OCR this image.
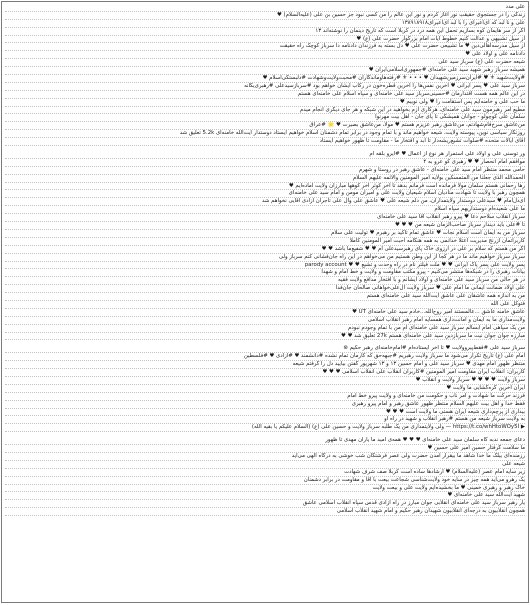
علی مدد
زندگی را در جستجوی حقیقتِ نور آغاز کردم و نور این عالم را من کسی نبود جز حسین بن علی (علیه‌السلام) ♥
علی و نا لبد که ای‌اعیرای را با لبد ای‌اعیرای۱۳۸۹۱۸۹۱۸
اگر از سر هایمان کوه بسازیم تحمل این همه درد در کربلا است که تاریخ دینمان را نوشته‌اند ۱۳
از سیل تشبیهی و عدالت کنیم خطوط آیات امام بزرگوار حضرت علی (ع) ♥
از سیل مدرسه‌اهالی‌دین ♥ ما تشییعی حضرت علی ♥ دل بسته به فرزندان ‌دادنامه دا سرباز کوچک راه حقیقت
دادنامه علی و اولاد علی ♥
شیعه حضرت علی (ع) سرباز سید علی
همیشه سرباز رهبر شهید سید علی خامنه‌ای #جمهوری‌اسلامی‌ایران ♥
#ولایت‌شهید ⚜ ♥ #ایران‌سرزمین‌شهیدان ♥ • • • ⚜ #رفته‌ها‌و‌ماندگاران #محبت‌ولایت‌و‌شهادت #دلبستگی‌اسلام ♥
سرباز سید علی ♥ پسر ایرانی ♥ آخرین نفس‌ها را آخرین قطره‌خون در رکاب ایشان خواهم بود #سرباز‌سیدعلی #رهبری‌یگانه
در این عالم همه هست اقتدار‌مان #حسینی‌سرباز سید علی خامنه‌ای و سپاه اسلام علی خامنه‌ای هستم
ما حب علی و خامنه‌ایم پس استقامت را ♥ ولی نوبیم ♥
مطیع امر رهبرمون سید علی خامنه‌ای، هرکاری ازم بخواهید در این شبکه و هر جای دیگری انجام میدم
سلمان علی کوچولو - جوانان همیشگی تا پای جان - اهل بیت ‌مهرنوا
من‌عاشق سرخ‌فام‌شهادتم، من‌عاشق رهبر عزیزم هستم ♥ مولا، من‌عاشق بصیرت‌ ♥ 🌟 #عراق
روزنگار سیاسی نوین، پیوسته ولایت، شیعه خواهیم ماند و با تمام وجود در برابر تمام دشمنان اسلام خواهیم ایستاد دوستدار آیت‌الله خامنه‌ای 5.2k تعلیق شد
آقای ایالات متحده #صلوات تشیع‌ریشه‌دار تا ابد و افتخار ما - مقاومت تا ظهور خواهیم ایستاد
ور توسنی علی و اولاد علی استمرار هر نوع از اعمال ♥ #آیرو بلقه ام
موافقم امام انحصار ♥ ♥ رهبری کو عرو به ۴
حامی محمد منتظر امام سید علی خامنه‌ای - عاشق رهبر در روستا و شهرم
الحمدالله الذی جعلنا من المتمسکین بولایه امیر المومنین والائمه علیهم السلام
رها رحمانی هستم سلمان مولا فرمانده است فرمانم بدهد تا آخر کوثر آخر کوهها مبارزان ولایت آماده‌ایم ♥
همچون رهبر با ولایت تا شهادت ‌منادیان اسلام شیعیان ولایت علی و امیران مومن و امام سید علی خامنه‌ای
ای‌دل‌امام ♥ سیدعلی دوستدار ولایتمداران، من دلم شیعه علی ♥ عاشق علی ‌وآل علی تاجران آزادی آقایی نخواهم شد
ما علی شعیده‌ام دوستداریهم سپاه اسلام
سرباز انقلاب سلاحم دعا ♥ پیرو رهبر انقلاب آقا سید علی خامنه‌ای
تا #علی باید دیندار سرباز صاحب‌الزمان شیعه من ♥ ♥ ♥
سرباز من به ایمان است اسلام نجات ♥ عاشق تمام تاکید بر رهبرم‌ ♥ تولیت علی ‌سلام
کاربراتمان ازرنج مدیریت اعتلا خدانمی به همه هنگامه احبت امیر المومنین کاملا
اگر من هستم که سلام بر علی در آرزوی خاک پای رهبر‌سیدعلی ام ♥ ♥ شفیع‌ما باشد ♥ ♥
سرباز سرباز خواهیم ماند ما در هر کجا از این وطن هستیم من می‌خواهم در این راه جان‌فشانی کنم سرباز ولی
پسر ولایت علی پسر پاک ایرانی ♥ ♥ ملت فیلتر نام در راه وحدت و تشیع ♥ ♥ parody account
بیانات رهبری را در شبکه‌ها منتشر می‌کنیم - پیرو مکتب مقاومت و ولایت و خط امام و شهدا
در هر حالی من سرباز سید علی خامنه‌ای و اولاد ایشانم و با افتخار مدافع ولایت فقیه
علی اولاد ضمانت ایمانی ما امام علی ♥ سرباز ولایت ‌آل‌علی‌خواهانی صالحان جان‌فدا
من به اندازه همه عاشقان علی عاشق آیت‌الله سید علی خامنه‌ای هستم
فتوکل علی الله
عاشق خامنه عاشق ...عالمستند امیر روح‌الله...خادم سید علی خامنه‌ای UT ♥
ولایت‌مداری ما به ایمان و امانت‌داری همسایه امام رهبر انقلاب اسلامی
من یک سپاهی امام ابسالم سرباز سید علی خامنه‌ای ‌ام من با تمام وجودم نبودم
مبارزه جوان جوان نیت ما سرباز‌دین سید علی خامنه‌ای ‌هستم 27k تعلیق شد ♥ ♥
سرباز سید علی #فقط‌پیرو‌ولایت ♥ تا آخر ایستاده‌ام #امام‌خامنه‌ای رهبر حکیم ⊛
امام علی (ع) تاریخ تکرار می‌شود ما سرباز ولایت رهبریم #جبهه‌حق که کارمان تمام نشده #دانشمند ♥ #آزادی ♥ #فلسطین
منتظر ظهور امام مهدی ♥ سرباز سید علی و امام حسین ۱۳ و ۱۳ شهریور گفتن بیایید دل را گرفتم ‌شیعه
کاربران: انقلاب ایران مقاومت ‌امیر المومنین #کاربران ‌انقلاب علی انقلاب اسلامی ♥ ♥ ♥
سرباز ولایت ♥ ♥ ♥ ♥ سرباز ولایت و انقلاب ♥
ایران آخرین گره‌گشایی ما ولایت ♥
فرزند حرکت ما شهادت و امر ناب و حکومت من خامنه‌ای و ولایت ‌پیرو خط امام
فقط خدا و اهل بیت علیهم السلام منتظر ظهور ‌عاشق رهبر و امام ‌پیرو رهبری
بیداری از پرچم‌داری شیعه ایران هستی ما ولایت است ♥ ♥ ♥
به ولایت سرباز شیعه من هستم #رهبر انقلاب و شهید در راه او
▶ https://t.co/whHtoWOy5I — ولی ولایتمداری من یک طلبه سرباز ولایت و حسین علی (ع) (السلام علیکم یا بقیه الله)
دعای جمعه ندبه گاه سلمان سید علی خامنه‌ای ♥ ♥ ♥ همه‌ی امید ما یاران مهدی تا ظهور
ما سلامت گرفتار حسین امیر علی حسین ♥
رزمنده‌ای بیلک ما خدا شاهد ما بیقرار آمدن حضرت ولی ‌عصر ‌فرشتگان شب خوشی به درگاه الهی می‌آید
شیعه علی
زیر سایه امام عصر (علیه‌السلام) ♥ ارشاد‌ها ساده است کربلا صف‌ شرف ‌شهادت
یک رهرو می‌آید همه چیز در سایه خود ولایت‌شناسی شجاعت بیعت با آقا و مقاومت در برابر دشمنان
خاک رهبر و رهبری خمینی ♥ ما بخشیده‌ایم ‌ولایت علی و بیعت ولایت
شهید آیت‌الله سید علی خامنه‌ای ♥
یار رهبر سرباز سید علی خامنه‌ای ‌انقلابی جوان ‌مبارز در راه آزادی قدس ‌سپاه انقلاب اسلامی ‌عاشق
همچون انقلابیون به درجه‌ای انقلابیون ‌شهیدان‌ ‌رهبر حکیم و امام ‌شهید انقلاب اسلامی
